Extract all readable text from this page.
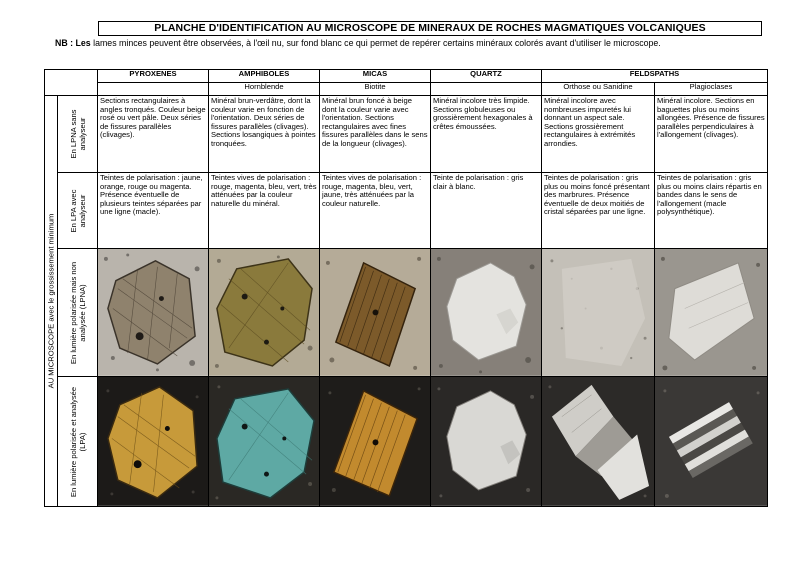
PLANCHE D'IDENTIFICATION AU MICROSCOPE DE MINERAUX DE ROCHES MAGMATIQUES VOLCANIQUES
NB : Les lames minces peuvent être observées, à l'œil nu, sur fond blanc ce qui permet de repérer certains minéraux colorés avant d'utiliser le microscope.
		PYROXENES	AMPHIBOLES	MICAS	QUARTZ	FELDSPATHS	
			Hornblende	Biotite		Orthose ou Sanidine	Plagioclases

AU MICROSCOPE avec le grossissement minimum	En LPNA sans analyseur	Sections rectangulaires à angles tronqués. Couleur beige rosé ou vert pâle. Deux séries de fissures parallèles (clivages).	Minéral brun-verdâtre, dont la couleur varie en fonction de l'orientation. Deux séries de fissures parallèles (clivages). Sections losangiques à pointes tronquées.	Minéral brun foncé à beige dont la couleur varie avec l'orientation. Sections rectangulaires avec fines fissures parallèles dans le sens de la longueur (clivages).	Minéral incolore très limpide. Sections globuleuses ou grossièrement hexagonales à crêtes émoussées.	Minéral incolore avec nombreuses impuretés lui donnant un aspect sale. Sections grossièrement rectangulaires à extrémités arrondies.	Minéral incolore. Sections en baguettes plus ou moins allongées. Présence de fissures parallèles perpendiculaires à l'allongement (clivages).

	En LPA avec analyseur	Teintes de polarisation : jaune, orange, rouge ou magenta. Présence éventuelle de plusieurs teintes séparées par une ligne (macle).	Teintes vives de polarisation : rouge, magenta, bleu, vert, très atténuées par la couleur naturelle du minéral.	Teintes vives de polarisation : rouge, magenta, bleu, vert, jaune, très atténuées par la couleur naturelle.	Teinte de polarisation : gris clair à blanc.	Teintes de polarisation : gris plus ou moins foncé présentant des marbrures. Présence éventuelle de deux moitiés de cristal séparées par une ligne.	Teintes de polarisation : gris plus ou moins clairs répartis en bandes dans le sens de l'allongement (macle polysynthétique).

	En lumière polarisée mais non analysée (LPNA)

	En lumière polarisée et analysée (LPA)
